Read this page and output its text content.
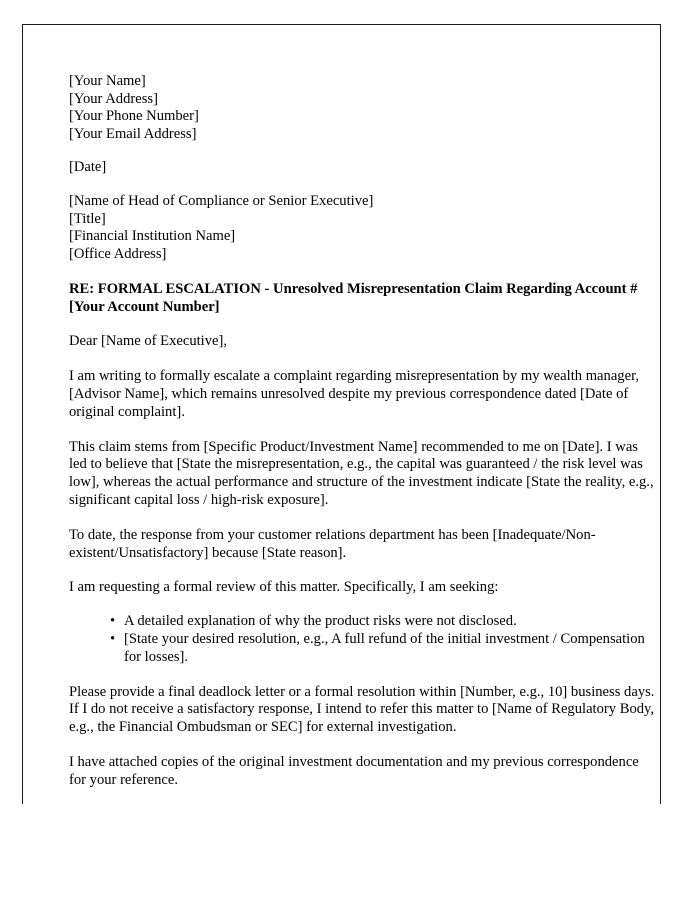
[Your Name]
[Your Address]
[Your Phone Number]
[Your Email Address]
[Date]
[Name of Head of Compliance or Senior Executive]
[Title]
[Financial Institution Name]
[Office Address]
RE: FORMAL ESCALATION - Unresolved Misrepresentation Claim Regarding Account #[Your Account Number]

Dear [Name of Executive],

I am writing to formally escalate a complaint regarding misrepresentation by my wealth manager, [Advisor Name], which remains unresolved despite my previous correspondence dated [Date of original complaint].

This claim stems from [Specific Product/Investment Name] recommended to me on [Date]. I was led to believe that [State the misrepresentation, e.g., the capital was guaranteed / the risk level was low], whereas the actual performance and structure of the investment indicate [State the reality, e.g., significant capital loss / high-risk exposure].

To date, the response from your customer relations department has been [Inadequate/Non-existent/Unsatisfactory] because [State reason].

I am requesting a formal review of this matter. Specifically, I am seeking:

• A detailed explanation of why the product risks were not disclosed.
• [State your desired resolution, e.g., A full refund of the initial investment / Compensation for losses].

Please provide a final deadlock letter or a formal resolution within [Number, e.g., 10] business days. If I do not receive a satisfactory response, I intend to refer this matter to [Name of Regulatory Body, e.g., the Financial Ombudsman or SEC] for external investigation.

I have attached copies of the original investment documentation and my previous correspondence for your reference.
